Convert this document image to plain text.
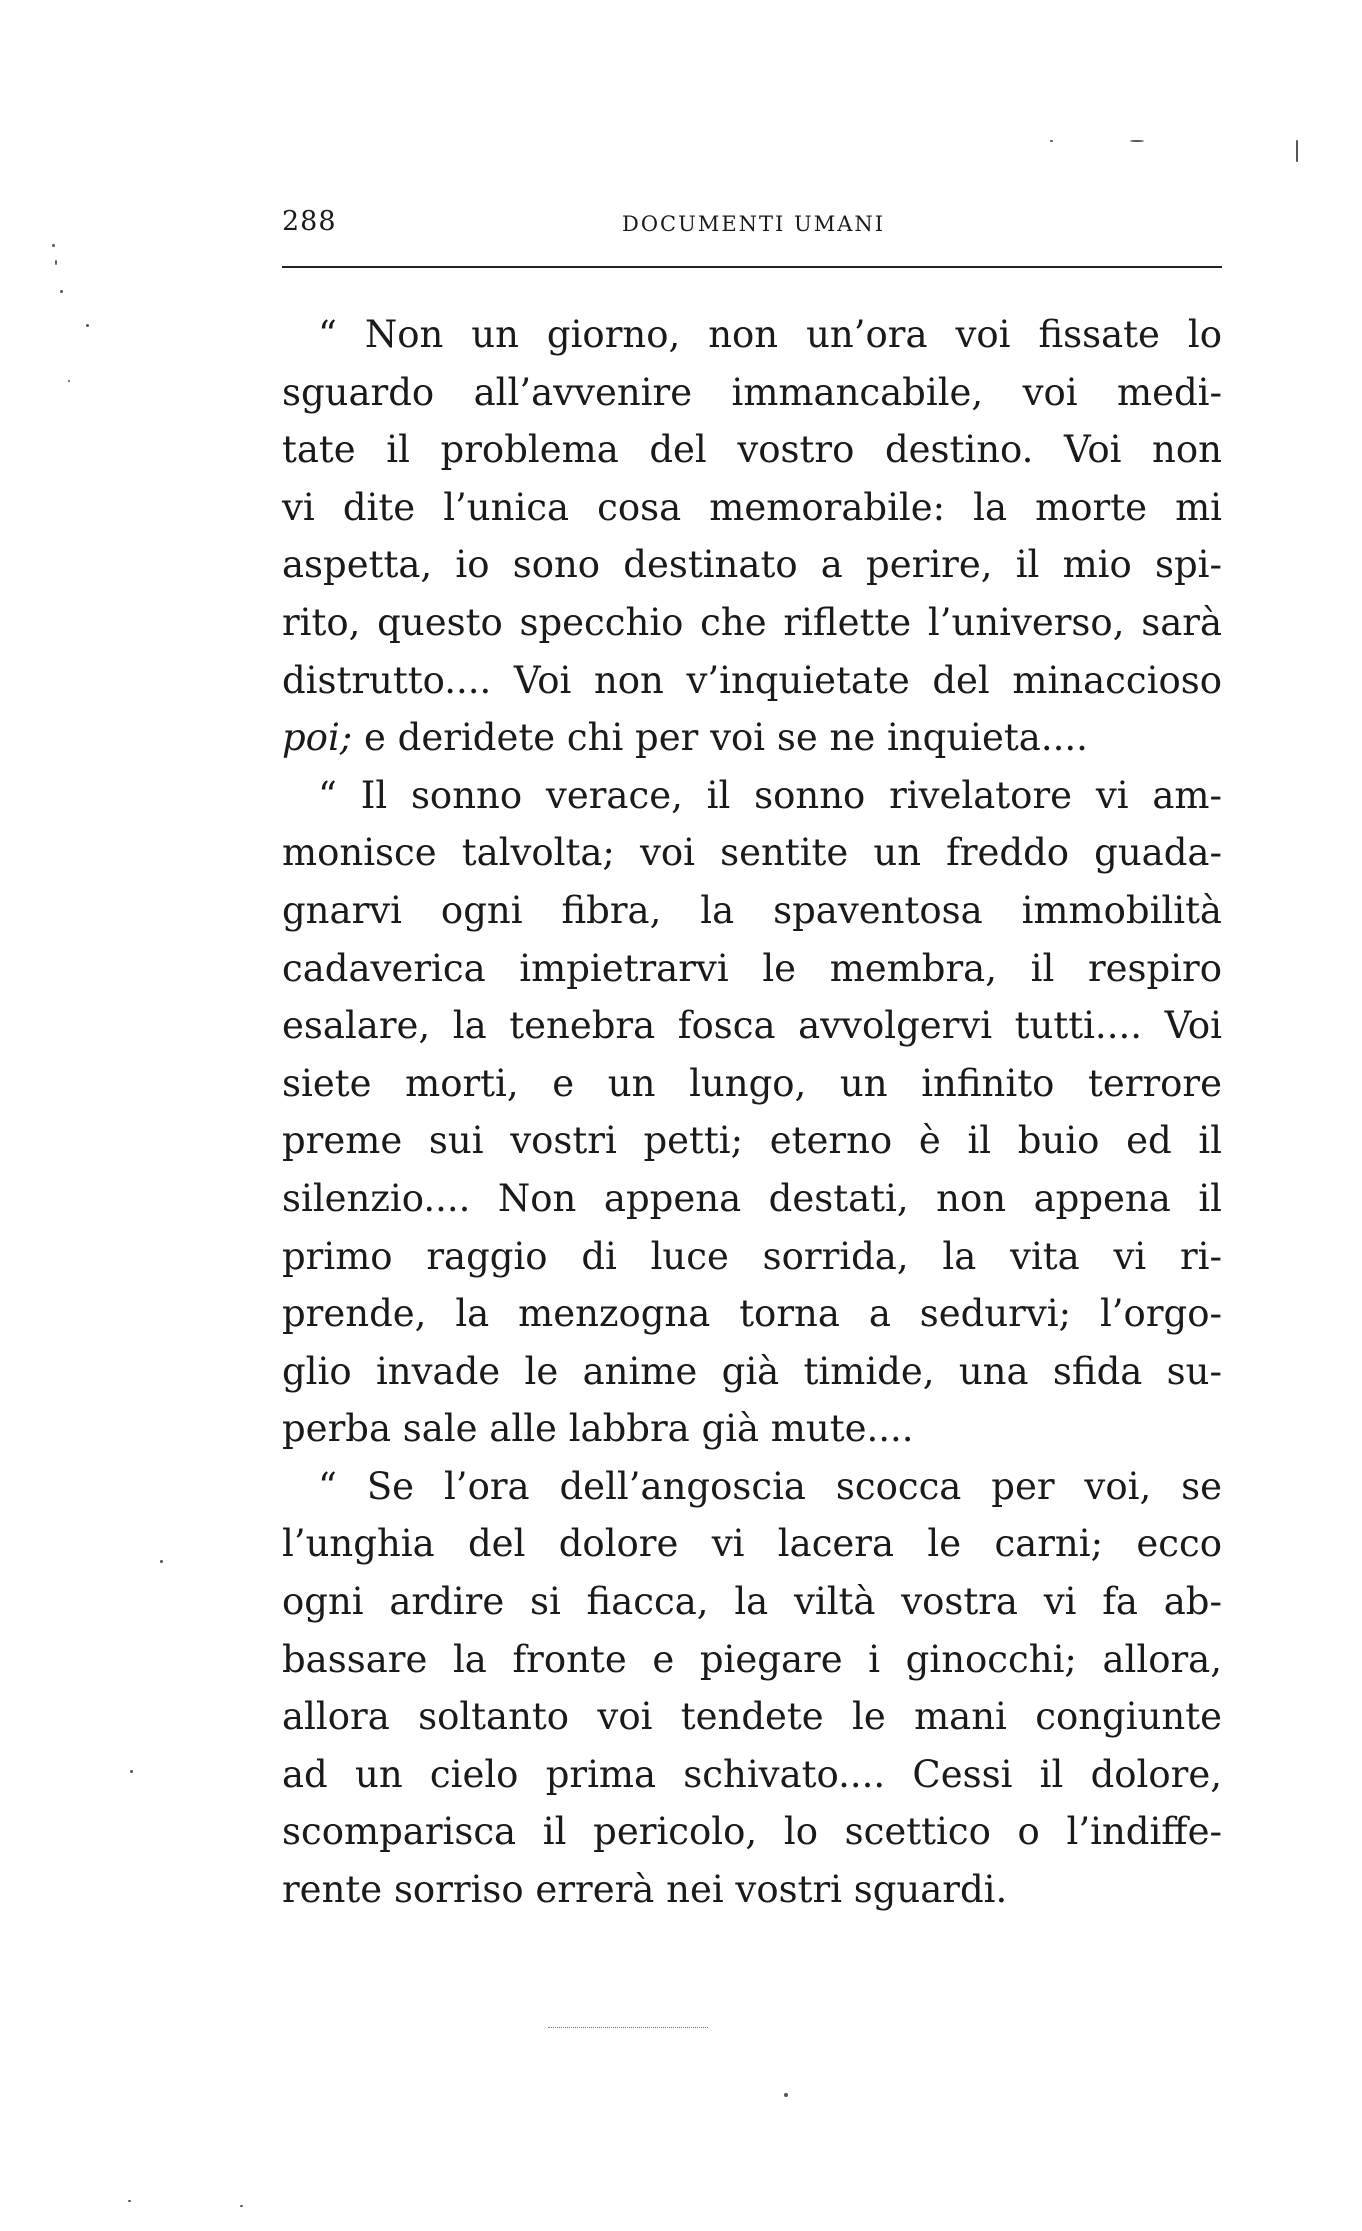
288	DOCUMENTI UMANI
“ Non un giorno, non un’ora voi fissate lo
sguardo all’avvenire immancabile, voi medi-
tate il problema del vostro destino. Voi non
vi dite l’unica cosa memorabile: la morte mi
aspetta, io sono destinato a perire, il mio spi-
rito, questo specchio che riflette l’universo, sarà
distrutto.... Voi non v’inquietate del minaccioso
poi; e deridete chi per voi se ne inquieta....
“ Il sonno verace, il sonno rivelatore vi am-
monisce talvolta; voi sentite un freddo guada-
gnarvi ogni fibra, la spaventosa immobilità
cadaverica impietrarvi le membra, il respiro
esalare, la tenebra fosca avvolgervi tutti.... Voi
siete morti, e un lungo, un infinito terrore
preme sui vostri petti; eterno è il buio ed il
silenzio.... Non appena destati, non appena il
primo raggio di luce sorrida, la vita vi ri-
prende, la menzogna torna a sedurvi; l’orgo-
glio invade le anime già timide, una sfida su-
perba sale alle labbra già mute....
“ Se l’ora dell’angoscia scocca per voi, se
l’unghia del dolore vi lacera le carni; ecco
ogni ardire si fiacca, la viltà vostra vi fa ab-
bassare la fronte e piegare i ginocchi; allora,
allora soltanto voi tendete le mani congiunte
ad un cielo prima schivato.... Cessi il dolore,
scomparisca il pericolo, lo scettico o l’indiffe-
rente sorriso errerà nei vostri sguardi.
